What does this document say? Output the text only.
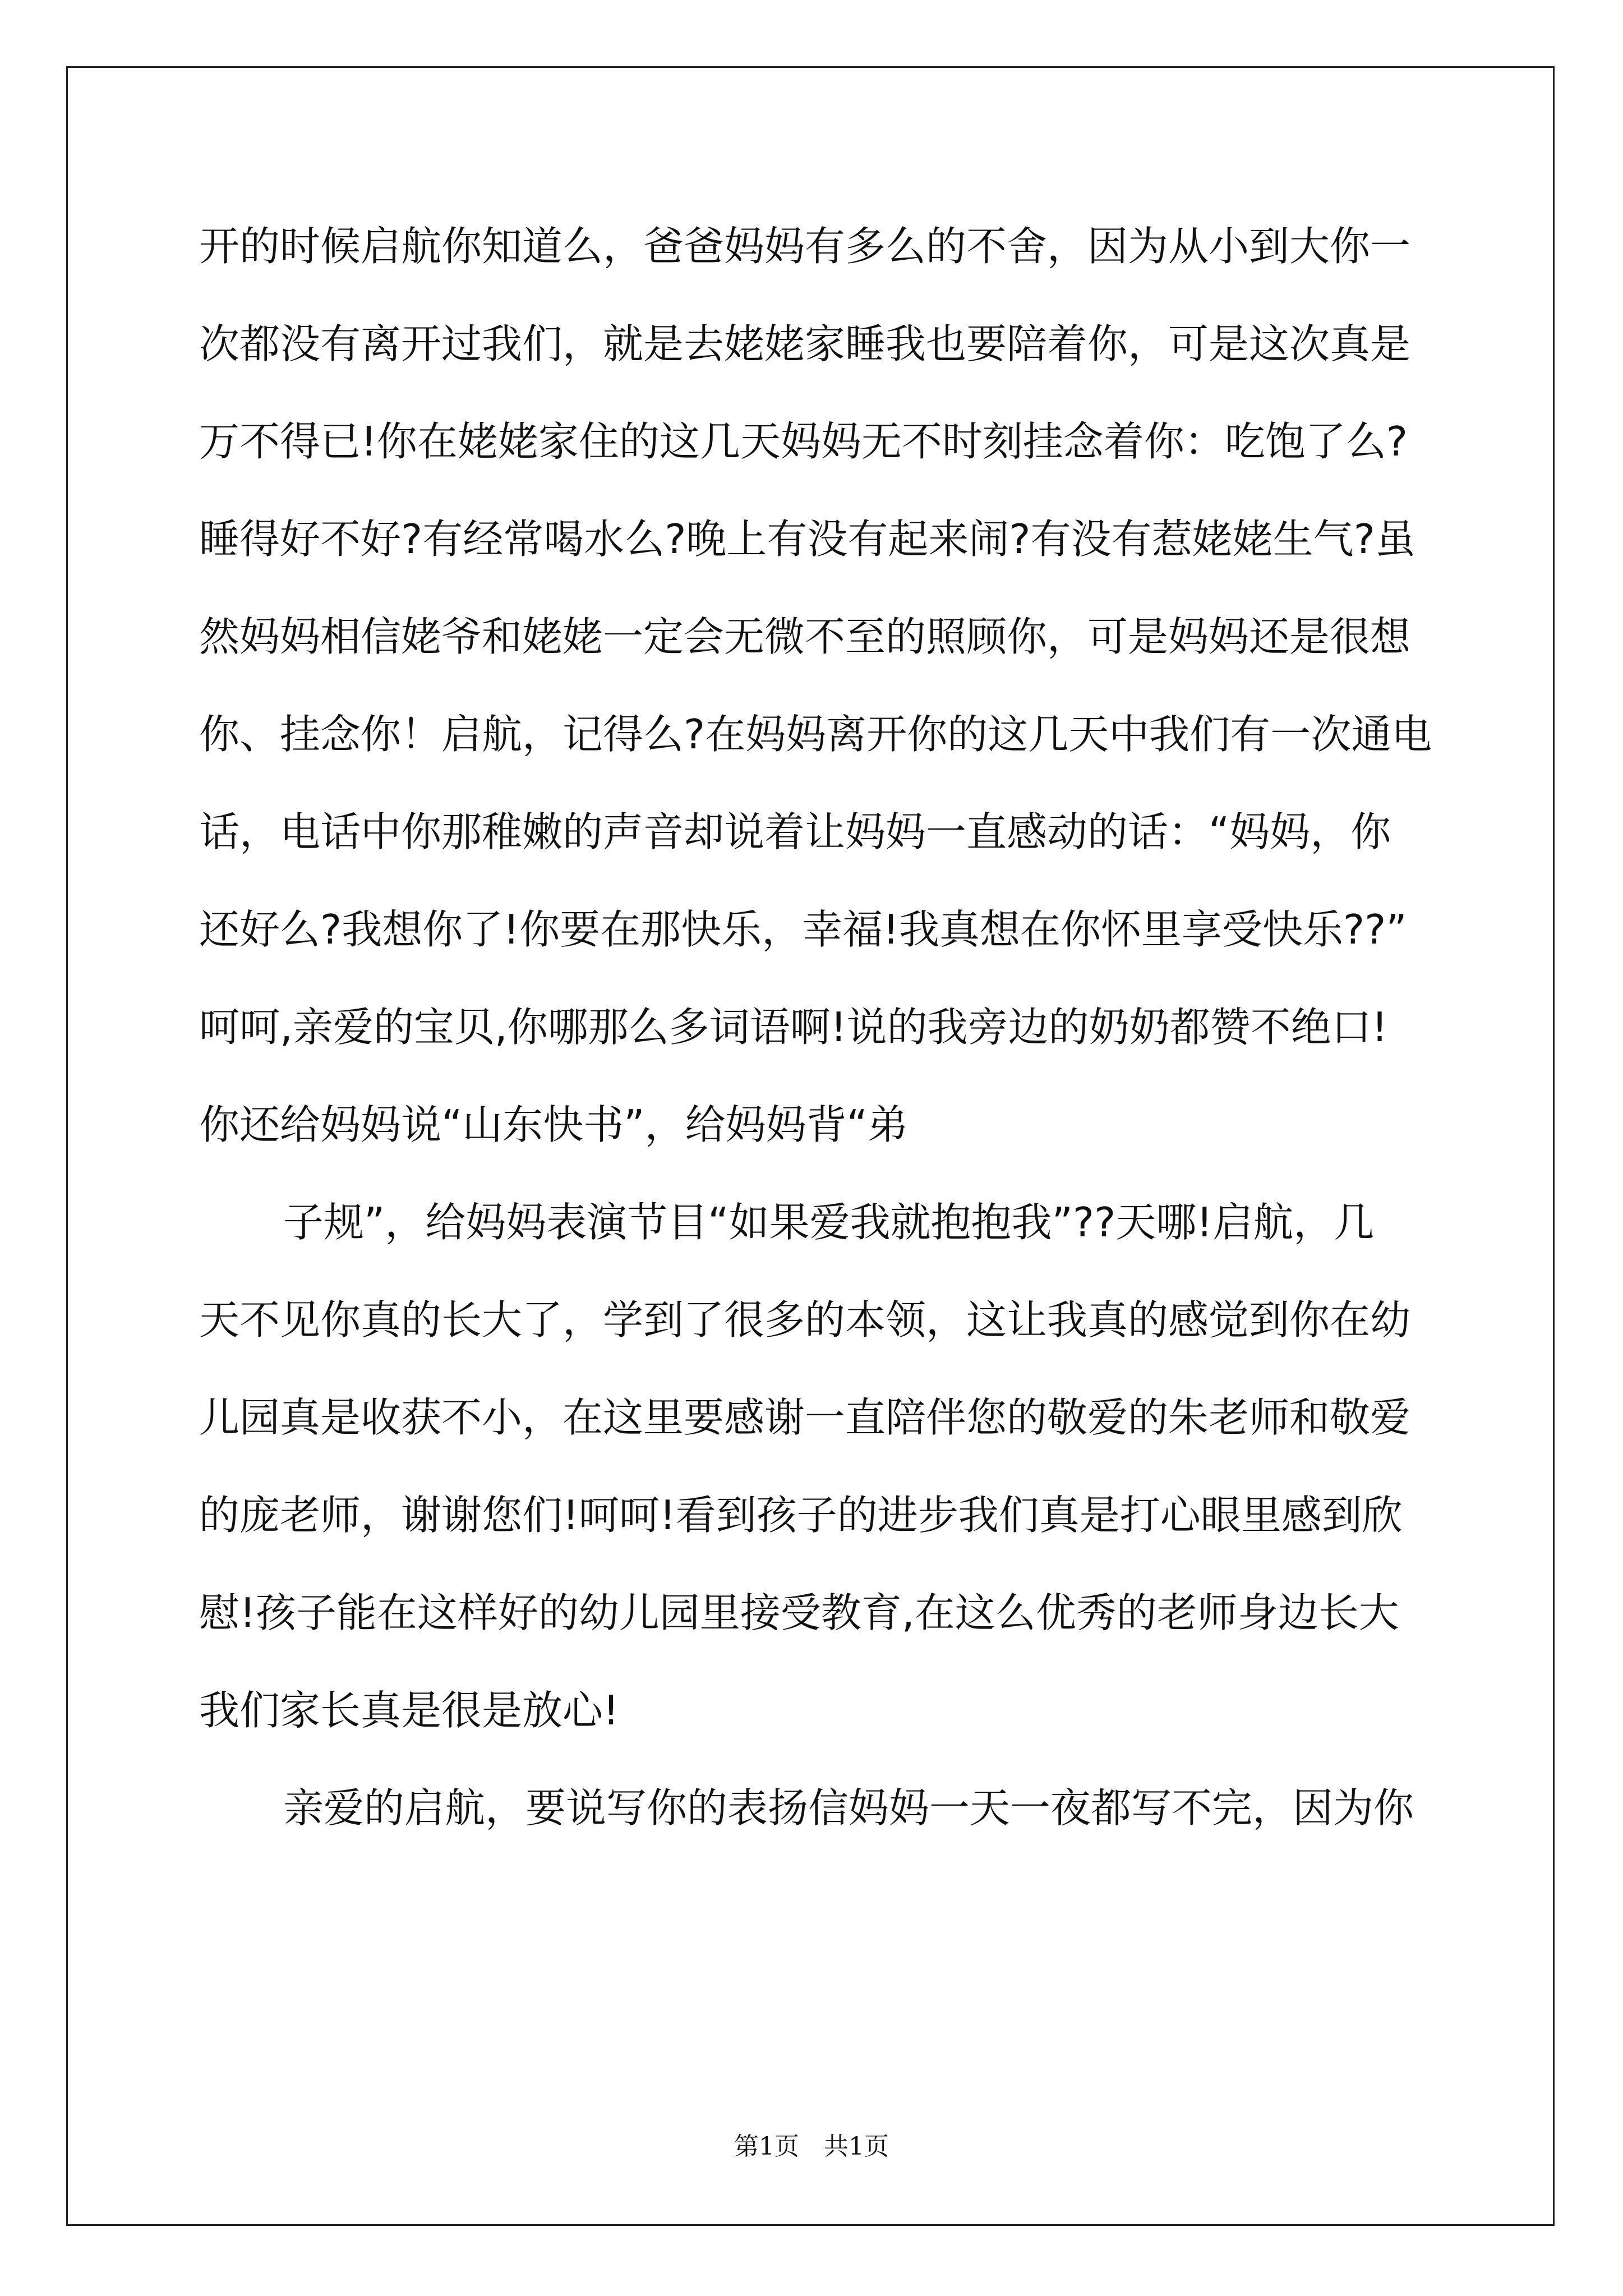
开的时候启航你知道么，爸爸妈妈有多么的不舍，因为从小到大你一
次都没有离开过我们，就是去姥姥家睡我也要陪着你，可是这次真是
万不得已!你在姥姥家住的这几天妈妈无不时刻挂念着你：吃饱了么?
睡得好不好?有经常喝水么?晚上有没有起来闹?有没有惹姥姥生气?虽
然妈妈相信姥爷和姥姥一定会无微不至的照顾你，可是妈妈还是很想
你、挂念你！启航，记得么?在妈妈离开你的这几天中我们有一次通电
话，电话中你那稚嫩的声音却说着让妈妈一直感动的话：“妈妈，你
还好么?我想你了!你要在那快乐，幸福!我真想在你怀里享受快乐??”
呵呵,亲爱的宝贝,你哪那么多词语啊!说的我旁边的奶奶都赞不绝口!
你还给妈妈说“山东快书”，给妈妈背“弟
子规”，给妈妈表演节目“如果爱我就抱抱我”??天哪!启航，几
天不见你真的长大了，学到了很多的本领，这让我真的感觉到你在幼
儿园真是收获不小，在这里要感谢一直陪伴您的敬爱的朱老师和敬爱
的庞老师，谢谢您们!呵呵!看到孩子的进步我们真是打心眼里感到欣
慰!孩子能在这样好的幼儿园里接受教育,在这么优秀的老师身边长大
我们家长真是很是放心!
亲爱的启航，要说写你的表扬信妈妈一天一夜都写不完，因为你
第1页　共1页
